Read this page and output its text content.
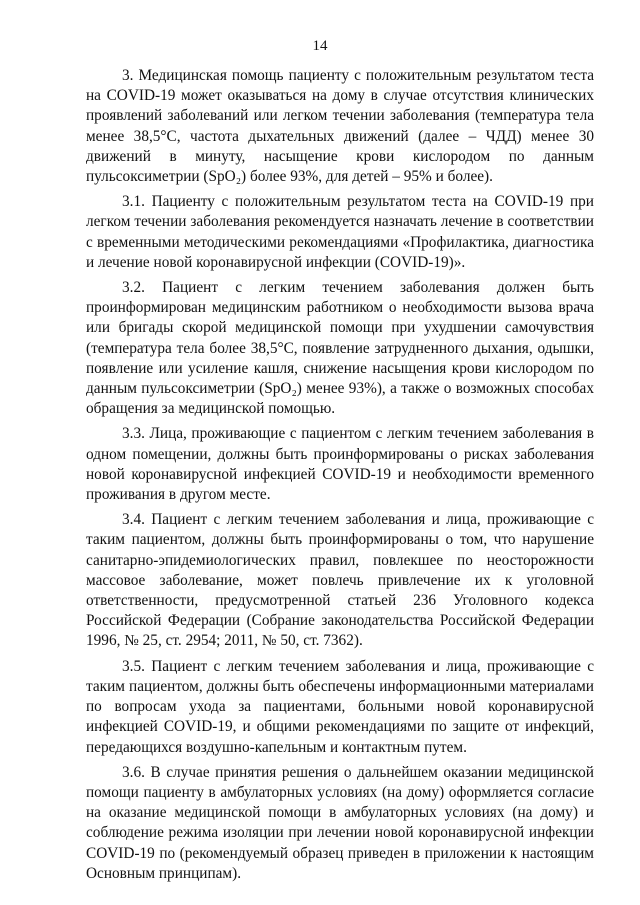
14

3. Медицинская помощь пациенту с положительным результатом теста на COVID-19 может оказываться на дому в случае отсутствия клинических проявлений заболеваний или легком течении заболевания (температура тела менее 38,5°C, частота дыхательных движений (далее – ЧДД) менее 30 движений в минуту, насыщение крови кислородом по данным пульсоксиметрии (SpO₂) более 93%, для детей – 95% и более).

3.1. Пациенту с положительным результатом теста на COVID-19 при легком течении заболевания рекомендуется назначать лечение в соответствии с временными методическими рекомендациями «Профилактика, диагностика и лечение новой коронавирусной инфекции (COVID-19)».

3.2. Пациент с легким течением заболевания должен быть проинформирован медицинским работником о необходимости вызова врача или бригады скорой медицинской помощи при ухудшении самочувствия (температура тела более 38,5°C, появление затрудненного дыхания, одышки, появление или усиление кашля, снижение насыщения крови кислородом по данным пульсоксиметрии (SpO₂) менее 93%), а также о возможных способах обращения за медицинской помощью.

3.3. Лица, проживающие с пациентом с легким течением заболевания в одном помещении, должны быть проинформированы о рисках заболевания новой коронавирусной инфекцией COVID-19 и необходимости временного проживания в другом месте.

3.4. Пациент с легким течением заболевания и лица, проживающие с таким пациентом, должны быть проинформированы о том, что нарушение санитарно-эпидемиологических правил, повлекшее по неосторожности массовое заболевание, может повлечь привлечение их к уголовной ответственности, предусмотренной статьей 236 Уголовного кодекса Российской Федерации (Собрание законодательства Российской Федерации 1996, № 25, ст. 2954; 2011, № 50, ст. 7362).

3.5. Пациент с легким течением заболевания и лица, проживающие с таким пациентом, должны быть обеспечены информационными материалами по вопросам ухода за пациентами, больными новой коронавирусной инфекцией COVID-19, и общими рекомендациями по защите от инфекций, передающихся воздушно-капельным и контактным путем.

3.6. В случае принятия решения о дальнейшем оказании медицинской помощи пациенту в амбулаторных условиях (на дому) оформляется согласие на оказание медицинской помощи в амбулаторных условиях (на дому) и соблюдение режима изоляции при лечении новой коронавирусной инфекции COVID-19 по (рекомендуемый образец приведен в приложении к настоящим Основным принципам).
